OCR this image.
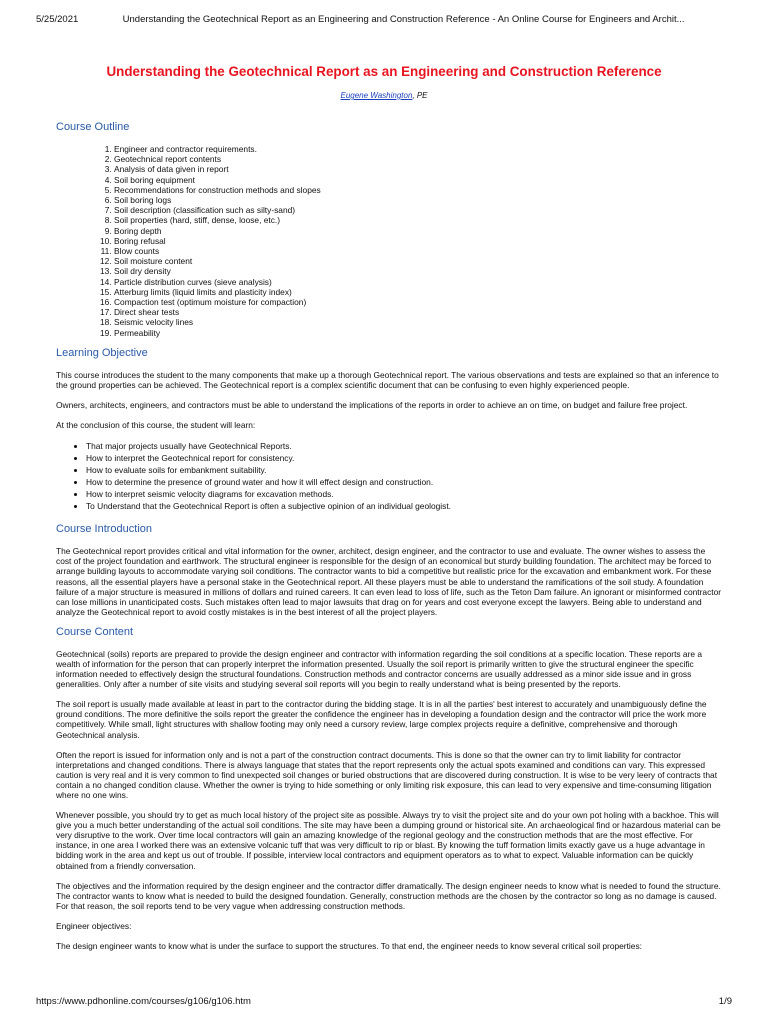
5/25/2021	Understanding the Geotechnical Report as an Engineering and Construction Reference - An Online Course for Engineers and Archit...
Understanding the Geotechnical Report as an Engineering and Construction Reference
Eugene Washington, PE
Course Outline
1. Engineer and contractor requirements.
2. Geotechnical report contents
3. Analysis of data given in report
4. Soil boring equipment
5. Recommendations for construction methods and slopes
6. Soil boring logs
7. Soil description (classification such as silty-sand)
8. Soil properties (hard, stiff, dense, loose, etc.)
9. Boring depth
10. Boring refusal
11. Blow counts
12. Soil moisture content
13. Soil dry density
14. Particle distribution curves (sieve analysis)
15. Atterburg limits (liquid limits and plasticity index)
16. Compaction test (optimum moisture for compaction)
17. Direct shear tests
18. Seismic velocity lines
19. Permeability
Learning Objective

This course introduces the student to the many components that make up a thorough Geotechnical report. The various observations and tests are explained so that an inference to the ground properties can be achieved. The Geotechnical report is a complex scientific document that can be confusing to even highly experienced people.

Owners, architects, engineers, and contractors must be able to understand the implications of the reports in order to achieve an on time, on budget and failure free project.

At the conclusion of this course, the student will learn:

• That major projects usually have Geotechnical Reports.
• How to interpret the Geotechnical report for consistency.
• How to evaluate soils for embankment suitability.
• How to determine the presence of ground water and how it will effect design and construction.
• How to interpret seismic velocity diagrams for excavation methods.
• To Understand that the Geotechnical Report is often a subjective opinion of an individual geologist.
Course Introduction

The Geotechnical report provides critical and vital information for the owner, architect, design engineer, and the contractor to use and evaluate. The owner wishes to assess the cost of the project foundation and earthwork. The structural engineer is responsible for the design of an economical but sturdy building foundation. The architect may be forced to arrange building layouts to accommodate varying soil conditions. The contractor wants to bid a competitive but realistic price for the excavation and embankment work. For these reasons, all the essential players have a personal stake in the Geotechnical report. All these players must be able to understand the ramifications of the soil study. A foundation failure of a major structure is measured in millions of dollars and ruined careers. It can even lead to loss of life, such as the Teton Dam failure. An ignorant or misinformed contractor can lose millions in unanticipated costs. Such mistakes often lead to major lawsuits that drag on for years and cost everyone except the lawyers. Being able to understand and analyze the Geotechnical report to avoid costly mistakes is in the best interest of all the project players.

Course Content

Geotechnical (soils) reports are prepared to provide the design engineer and contractor with information regarding the soil conditions at a specific location. These reports are a wealth of information for the person that can properly interpret the information presented. Usually the soil report is primarily written to give the structural engineer the specific information needed to effectively design the structural foundations. Construction methods and contractor concerns are usually addressed as a minor side issue and in gross generalities. Only after a number of site visits and studying several soil reports will you begin to really understand what is being presented by the reports.

The soil report is usually made available at least in part to the contractor during the bidding stage. It is in all the parties' best interest to accurately and unambiguously define the ground conditions. The more definitive the soils report the greater the confidence the engineer has in developing a foundation design and the contractor will price the work more competitively. While small, light structures with shallow footing may only need a cursory review, large complex projects require a definitive, comprehensive and thorough Geotechnical analysis.

Often the report is issued for information only and is not a part of the construction contract documents. This is done so that the owner can try to limit liability for contractor interpretations and changed conditions. There is always language that states that the report represents only the actual spots examined and conditions can vary. This expressed caution is very real and it is very common to find unexpected soil changes or buried obstructions that are discovered during construction. It is wise to be very leery of contracts that contain a no changed condition clause. Whether the owner is trying to hide something or only limiting risk exposure, this can lead to very expensive and time-consuming litigation where no one wins.

Whenever possible, you should try to get as much local history of the project site as possible. Always try to visit the project site and do your own pot holing with a backhoe. This will give you a much better understanding of the actual soil conditions. The site may have been a dumping ground or historical site. An archaeological find or hazardous material can be very disruptive to the work. Over time local contractors will gain an amazing knowledge of the regional geology and the construction methods that are the most effective. For instance, in one area I worked there was an extensive volcanic tuff that was very difficult to rip or blast. By knowing the tuff formation limits exactly gave us a huge advantage in bidding work in the area and kept us out of trouble. If possible, interview local contractors and equipment operators as to what to expect. Valuable information can be quickly obtained from a friendly conversation.

The objectives and the information required by the design engineer and the contractor differ dramatically. The design engineer needs to know what is needed to found the structure. The contractor wants to know what is needed to build the designed foundation. Generally, construction methods are the chosen by the contractor so long as no damage is caused. For that reason, the soil reports tend to be very vague when addressing construction methods.

Engineer objectives:

The design engineer wants to know what is under the surface to support the structures. To that end, the engineer needs to know several critical soil properties:

https://www.pdhonline.com/courses/g106/g106.htm	1/9
